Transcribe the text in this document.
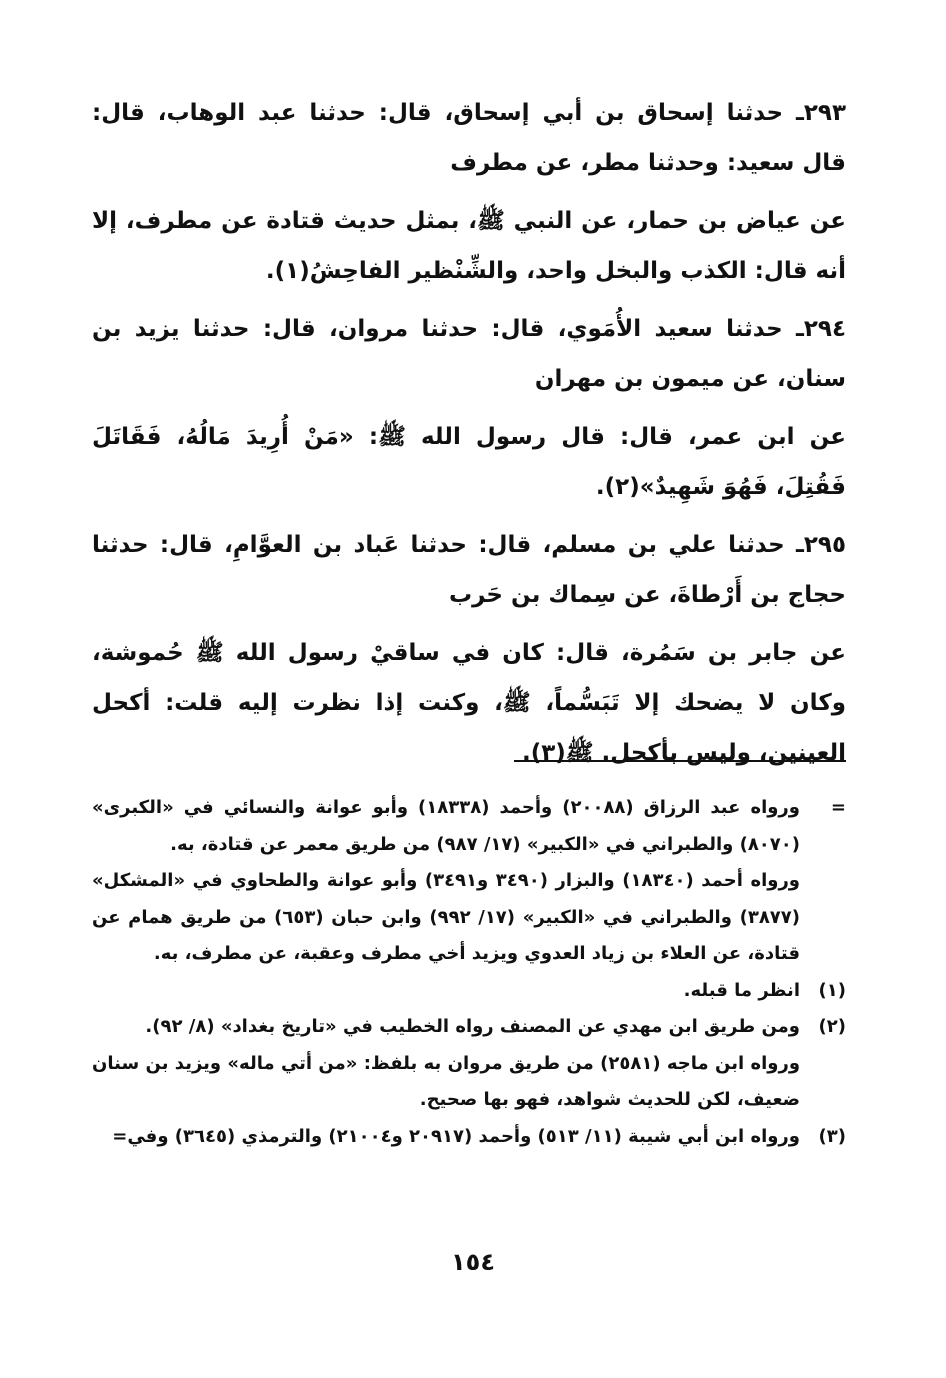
٢٩٣ـ حدثنا إسحاق بن أبي إسحاق، قال: حدثنا عبد الوهاب، قال: قال سعيد: وحدثنا مطر، عن مطرف

عن عياض بن حمار، عن النبي ﷺ، بمثل حديث قتادة عن مطرف، إلا أنه قال: الكذب والبخل واحد، والشِّنْظير الفاحِشُ(١).

٢٩٤ـ حدثنا سعيد الأُمَوي، قال: حدثنا مروان، قال: حدثنا يزيد بن سنان، عن ميمون بن مهران

عن ابن عمر، قال: قال رسول الله ﷺ: «مَنْ أُرِيدَ مَالُهُ، فَقَاتَلَ فَقُتِلَ، فَهُوَ شَهِيدٌ»(٢).

٢٩٥ـ حدثنا علي بن مسلم، قال: حدثنا عَباد بن العوَّامِ، قال: حدثنا حجاج بن أَرْطاةَ، عن سِماك بن حَرب

عن جابر بن سَمُرة، قال: كان في ساقيْ رسول الله ﷺ حُموشة، وكان لا يضحك إلا تَبَسُّماً، ﷺ، وكنت إذا نظرت إليه قلت: أكحل العينين، وليس بأكحل. ﷺ(٣).

=
ورواه عبد الرزاق (٢٠٠٨٨) وأحمد (١٨٣٣٨) وأبو عوانة والنسائي في «الكبرى» (٨٠٧٠) والطبراني في «الكبير» (١٧/ ٩٨٧) من طريق معمر عن قتادة، به.
ورواه أحمد (١٨٣٤٠) والبزار (٣٤٩٠ و٣٤٩١) وأبو عوانة والطحاوي في «المشكل» (٣٨٧٧) والطبراني في «الكبير» (١٧/ ٩٩٢) وابن حبان (٦٥٣) من طريق همام عن قتادة، عن العلاء بن زياد العدوي ويزيد أخي مطرف وعقبة، عن مطرف، به.
(١)
انظر ما قبله.
(٢)
ومن طريق ابن مهدي عن المصنف رواه الخطيب في «تاريخ بغداد» (٨/ ٩٢).
ورواه ابن ماجه (٢٥٨١) من طريق مروان به بلفظ: «من أتي ماله» ويزيد بن سنان ضعيف، لكن للحديث شواهد، فهو بها صحيح.
(٣)
ورواه ابن أبي شيبة (١١/ ٥١٣) وأحمد (٢٠٩١٧ و٢١٠٠٤) والترمذي (٣٦٤٥) وفي=
١٥٤
